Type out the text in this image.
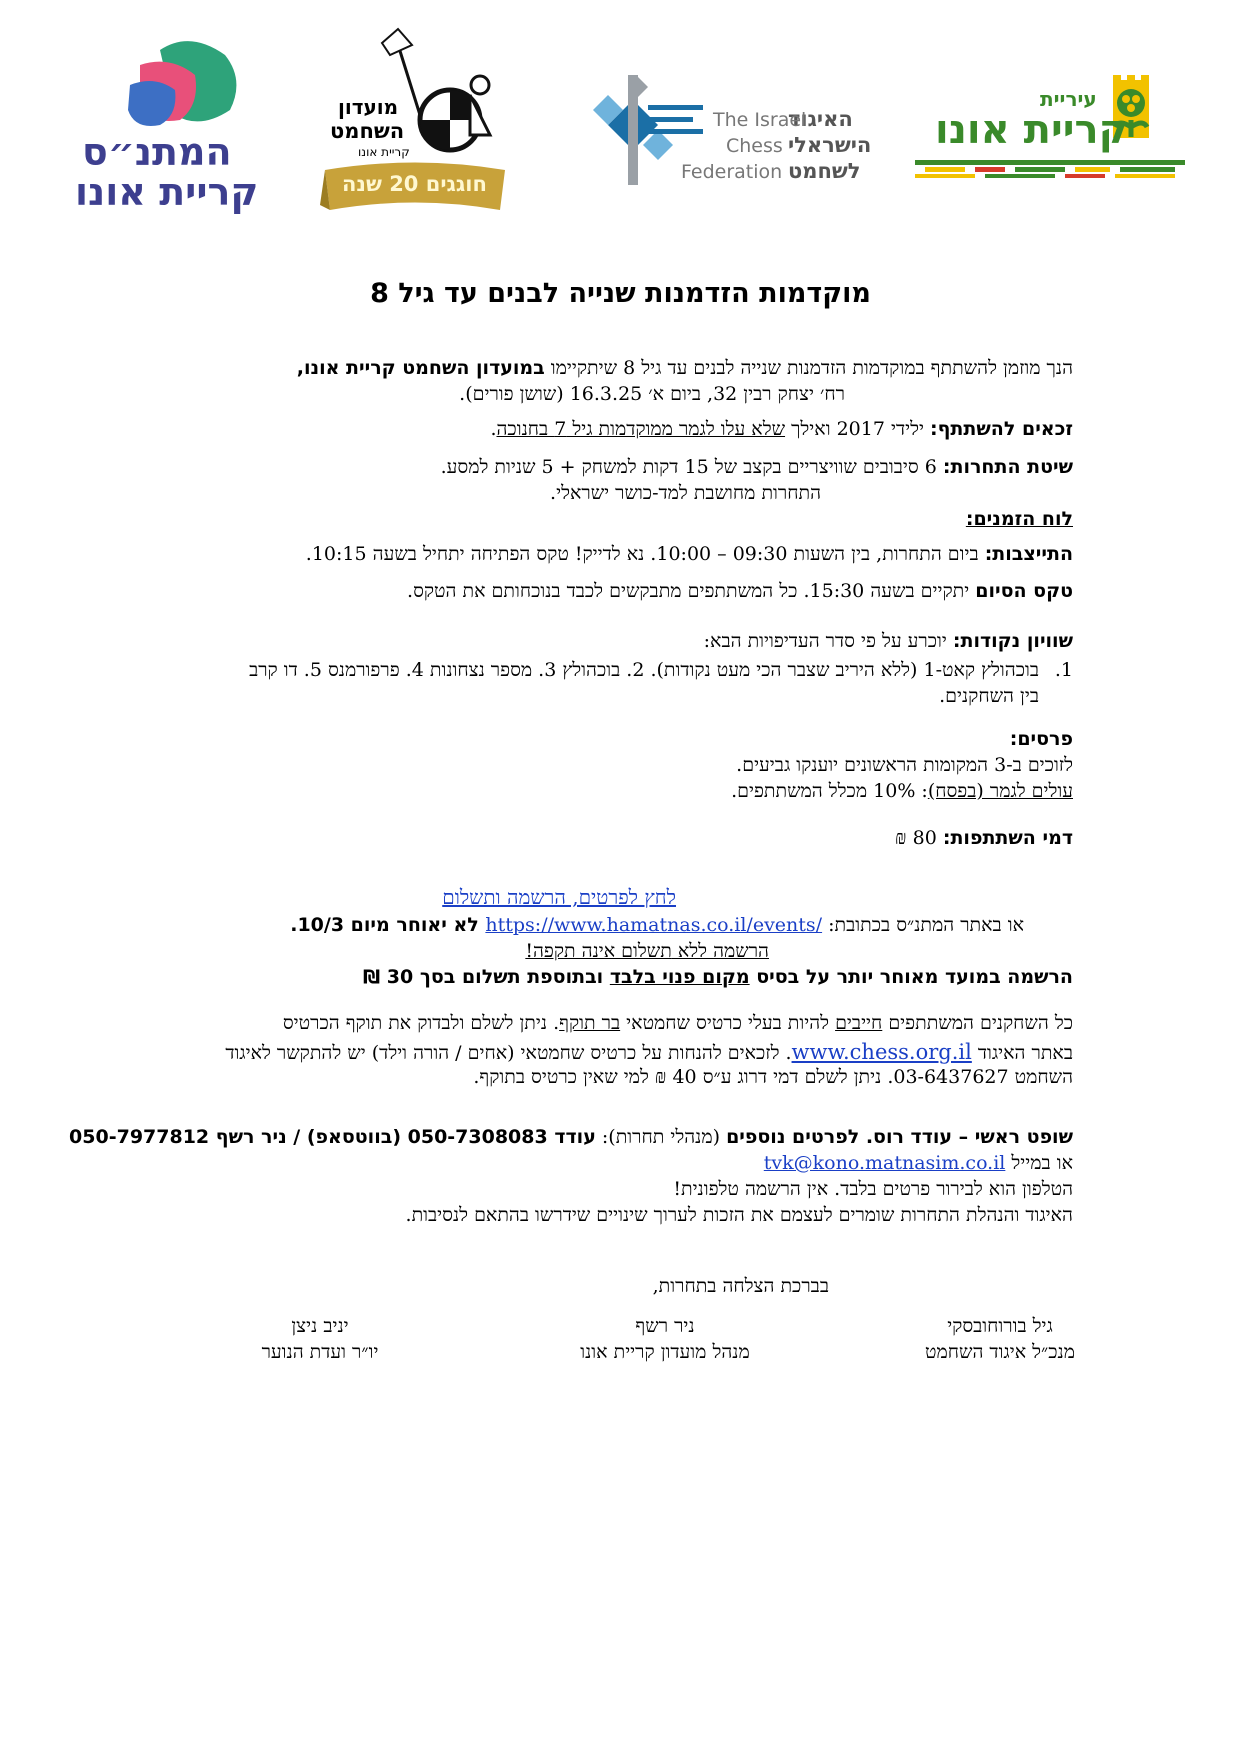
עיריית
קריית אונו
האיגוד
הישראלי
לשחמט
The Israel
Chess
Federation
מועדון
השחמט
קריית אונו
חוגגים 20 שנה
המתנ״ס
קריית אונו
מוקדמות הזדמנות שנייה לבנים עד גיל 8
הנך מוזמן להשתתף במוקדמות הזדמנות שנייה לבנים עד גיל 8 שיתקיימו במועדון השחמט קריית אונו,
רח׳ יצחק רבין 32, ביום א׳ 16.3.25 (שושן פורים).
זכאים להשתתף: ילידי 2017 ואילך שלא עלו לגמר ממוקדמות גיל 7 בחנוכה.
שיטת התחרות: 6 סיבובים שוויצריים בקצב של 15 דקות למשחק + 5 שניות למסע.
התחרות מחושבת למד-כושר ישראלי.
לוח הזמנים:
התייצבות: ביום התחרות, בין השעות 09:30 – 10:00. נא לדייק! טקס הפתיחה יתחיל בשעה 10:15.
טקס הסיום יתקיים בשעה 15:30. כל המשתתפים מתבקשים לכבד בנוכחותם את הטקס.
שוויון נקודות: יוכרע על פי סדר העדיפויות הבא:
1.
בוכהולץ קאט-1 (ללא היריב שצבר הכי מעט נקודות). 2. בוכהולץ 3. מספר נצחונות 4. פרפורמנס 5. דו קרב
בין השחקנים.
פרסים:
לזוכים ב-3 המקומות הראשונים יוענקו גביעים.
עולים לגמר (בפסח): 10% מכלל המשתתפים.
דמי השתתפות: 80 ₪
לחץ לפרטים, הרשמה ותשלום
או באתר המתנ״ס בכתובת: https://www.hamatnas.co.il/events/ לא יאוחר מיום 10/3.
הרשמה ללא תשלום אינה תקפה!
הרשמה במועד מאוחר יותר על בסיס מקום פנוי בלבד ובתוספת תשלום בסך 30 ₪
כל השחקנים המשתתפים חייבים להיות בעלי כרטיס שחמטאי בר תוקף. ניתן לשלם ולבדוק את תוקף הכרטיס
באתר האיגוד www.chess.org.il. לזכאים להנחות על כרטיס שחמטאי (אחים / הורה וילד) יש להתקשר לאיגוד
השחמט 03-6437627. ניתן לשלם דמי דרוג ע״ס 40 ₪ למי שאין כרטיס בתוקף.
שופט ראשי – עודד רוס. לפרטים נוספים (מנהלי תחרות): עודד 050-7308083 (בווטסאפ) / ניר רשף 050-7977812
או במייל tvk@kono.matnasim.co.il
הטלפון הוא לבירור פרטים בלבד. אין הרשמה טלפונית!
האיגוד והנהלת התחרות שומרים לעצמם את הזכות לערוך שינויים שידרשו בהתאם לנסיבות.
בברכת הצלחה בתחרות,
גיל בורוחובסקי
מנכ״ל איגוד השחמט
ניר רשף
מנהל מועדון קריית אונו
יניב ניצן
יו״ר ועדת הנוער
